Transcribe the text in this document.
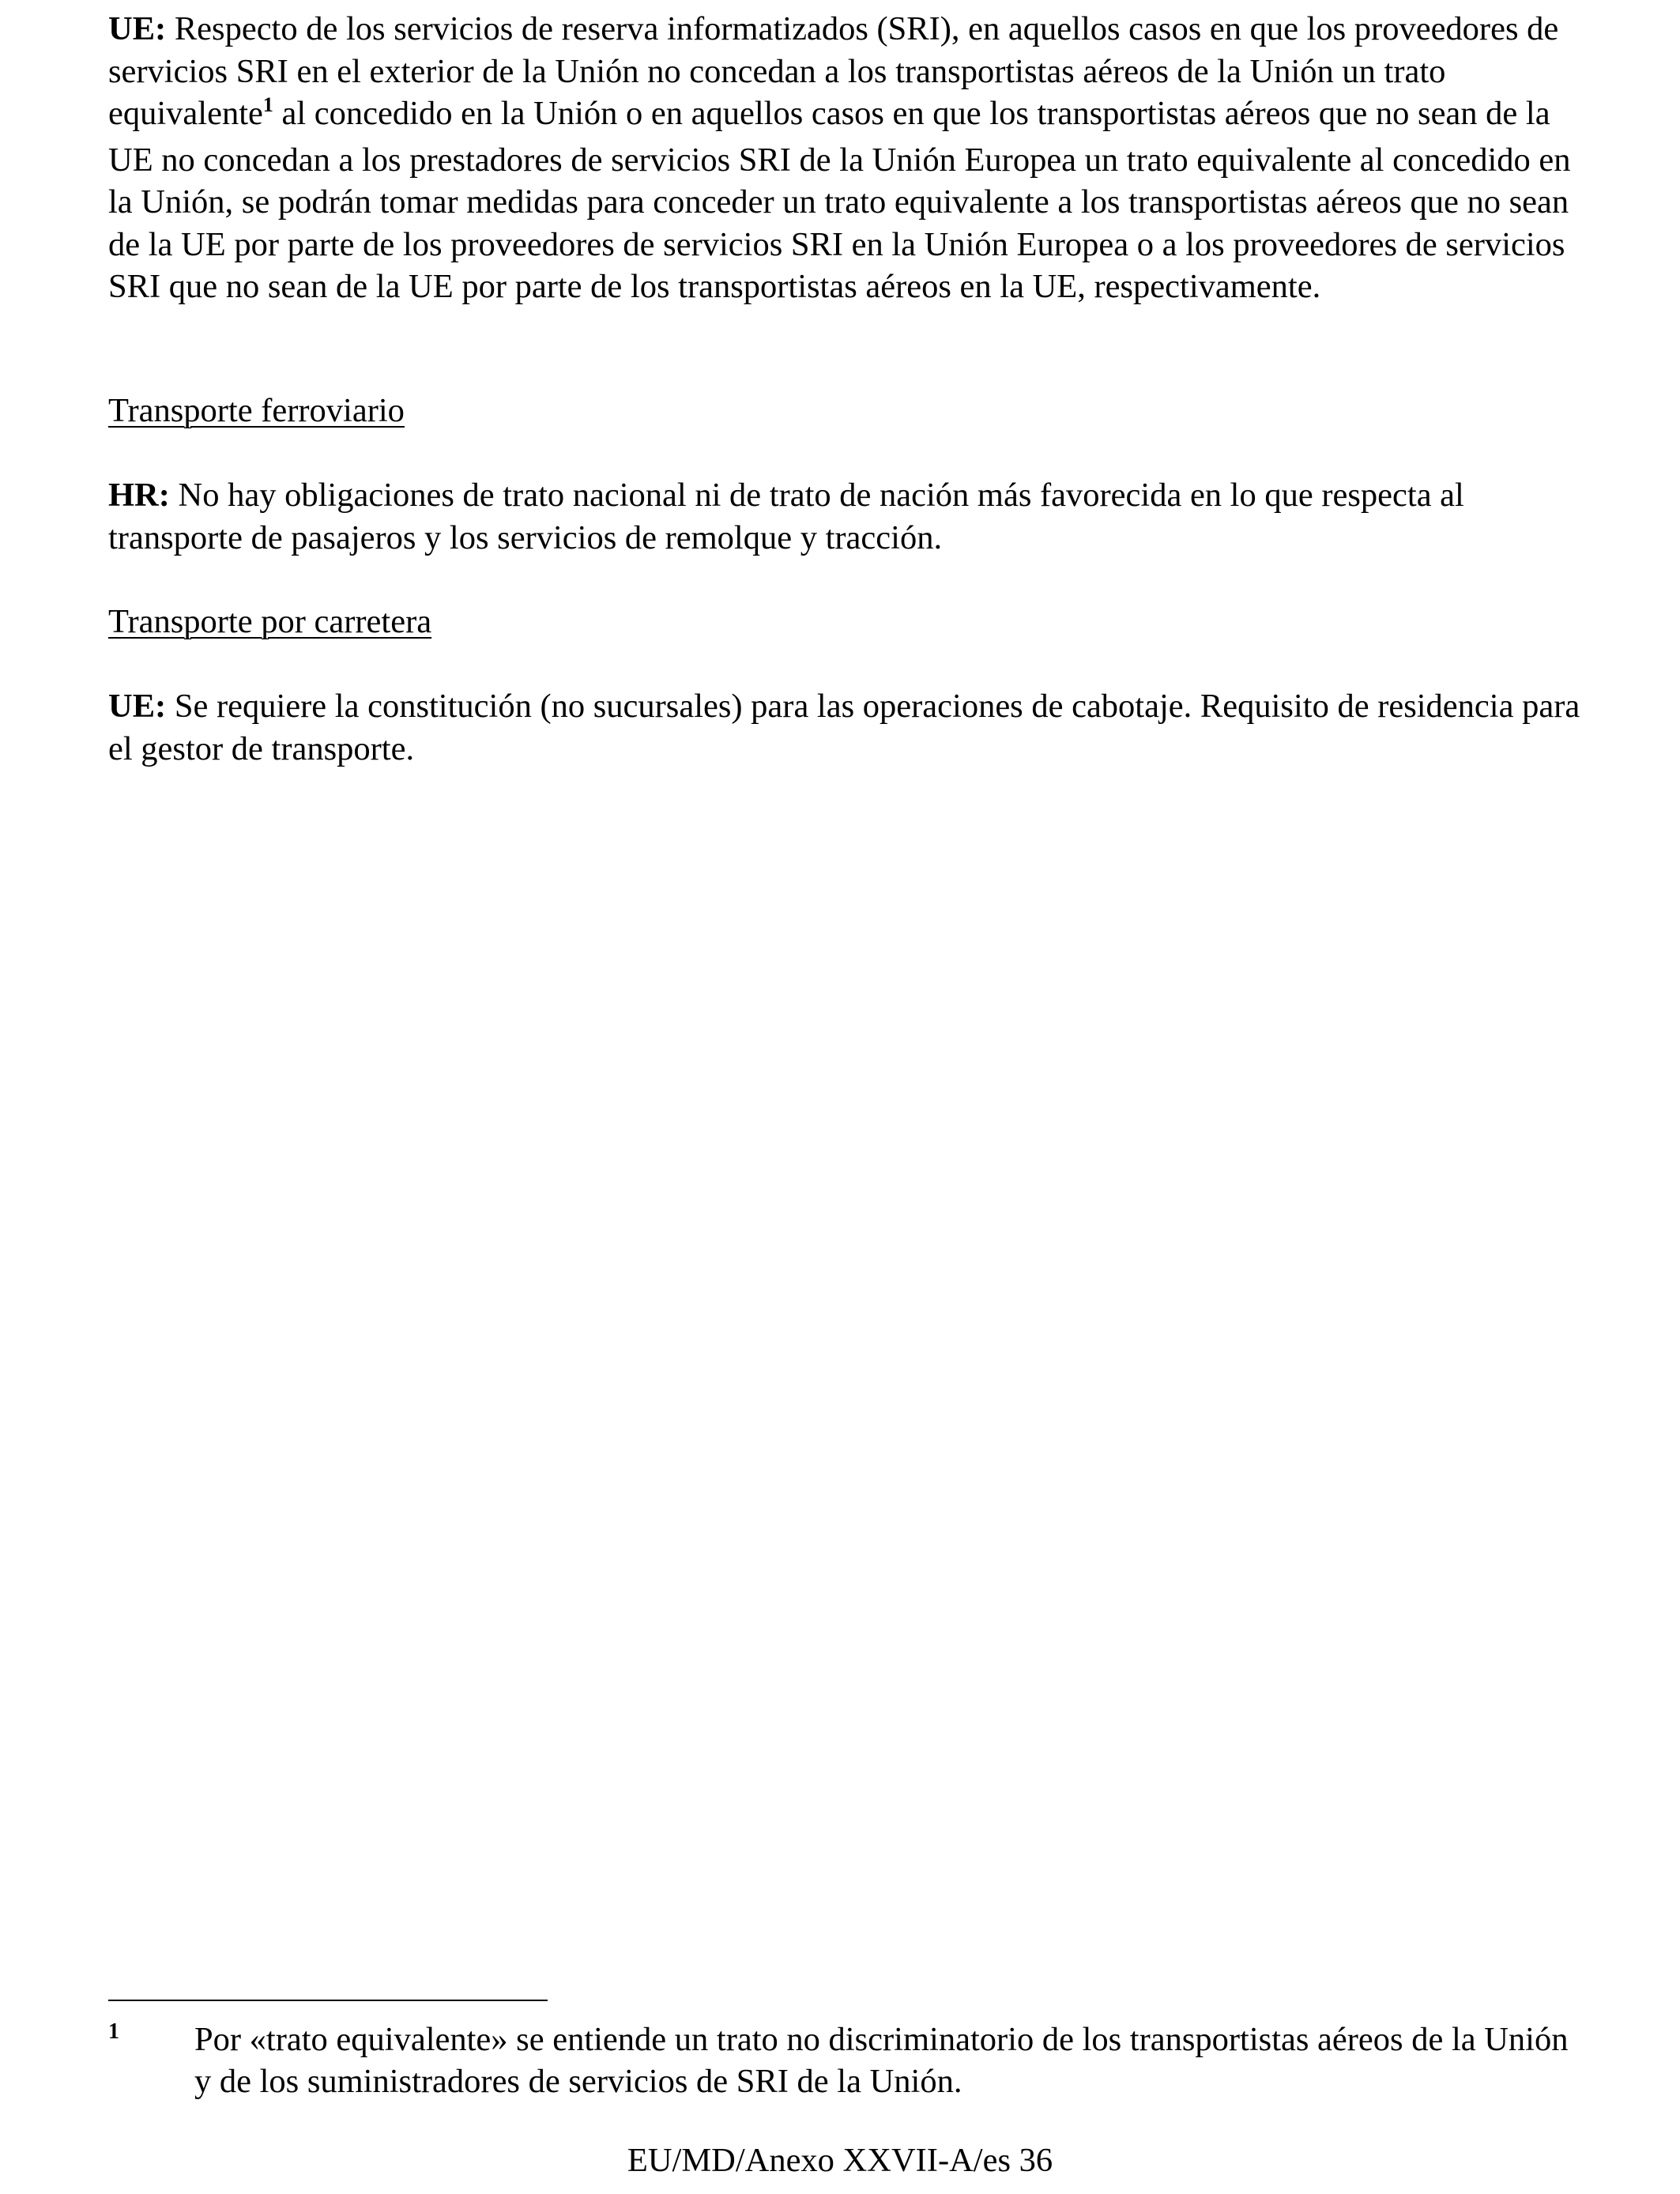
UE: Respecto de los servicios de reserva informatizados (SRI), en aquellos casos en que los proveedores de servicios SRI en el exterior de la Unión no concedan a los transportistas aéreos de la Unión un trato equivalente$^1$ al concedido en la Unión o en aquellos casos en que los transportistas aéreos que no sean de la UE no concedan a los prestadores de servicios SRI de la Unión Europea un trato equivalente al concedido en la Unión, se podrán tomar medidas para conceder un trato equivalente a los transportistas aéreos que no sean de la UE por parte de los proveedores de servicios SRI en la Unión Europea o a los proveedores de servicios SRI que no sean de la UE por parte de los transportistas aéreos en la UE, respectivamente.

Transporte ferroviario

HR: No hay obligaciones de trato nacional ni de trato de nación más favorecida en lo que respecta al transporte de pasajeros y los servicios de remolque y tracción.

Transporte por carretera

UE: Se requiere la constitución (no sucursales) para las operaciones de cabotaje. Requisito de residencia para el gestor de transporte.

1 Por «trato equivalente» se entiende un trato no discriminatorio de los transportistas aéreos de la Unión y de los suministradores de servicios de SRI de la Unión.

EU/MD/Anexo XXVII-A/es 36
